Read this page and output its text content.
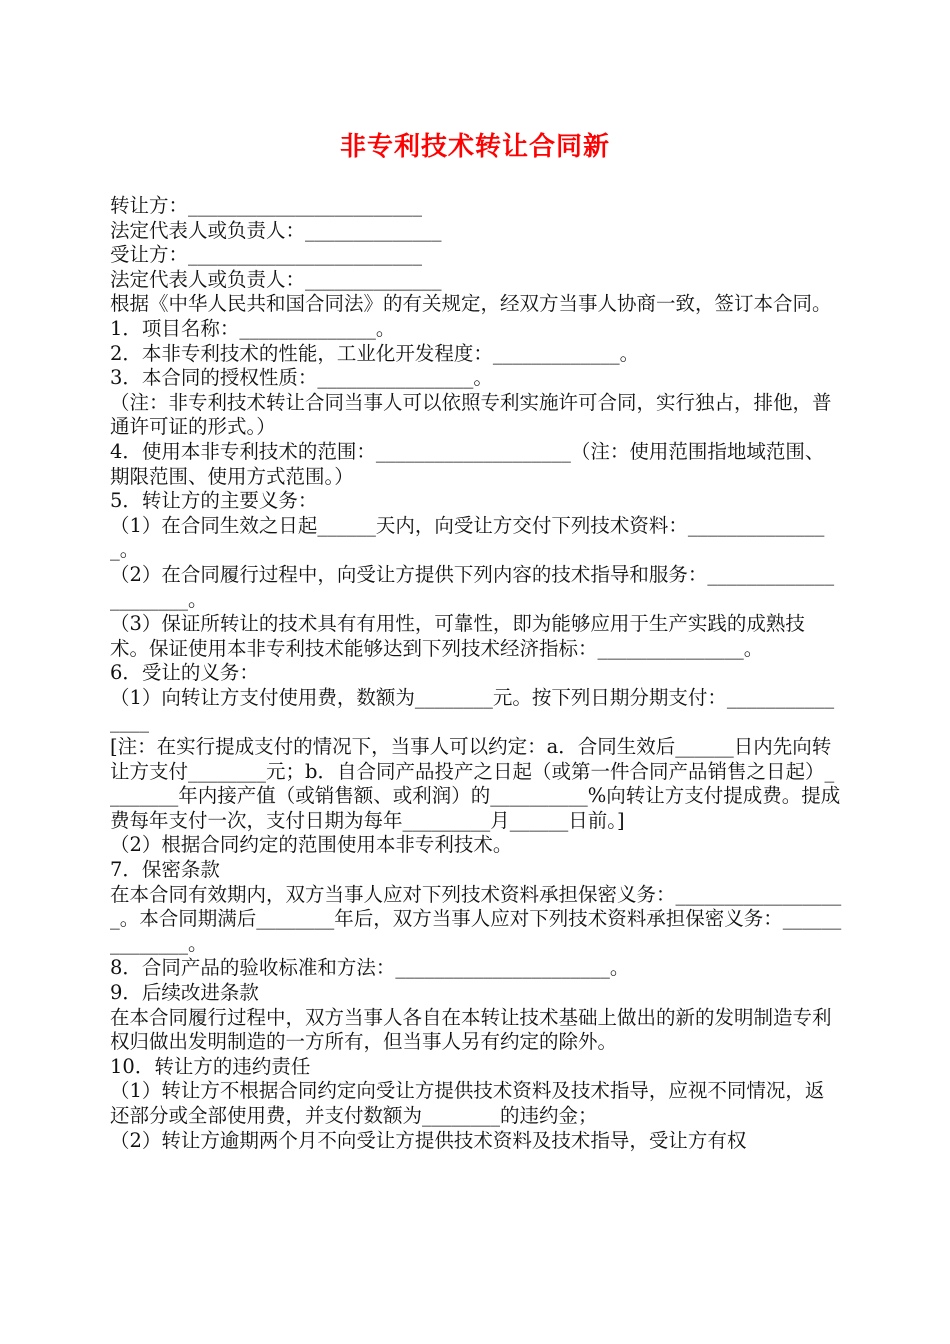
非专利技术转让合同新

转让方：________________________

法定代表人或负责人：______________

受让方：________________________

法定代表人或负责人：______________

根据《中华人民共和国合同法》的有关规定，经双方当事人协商一致，签订本合同。

1．项目名称：______________。

2．本非专利技术的性能，工业化开发程度：_____________。

3．本合同的授权性质：________________。

（注：非专利技术转让合同当事人可以依照专利实施许可合同，实行独占，排他，普通许可证的形式。）

4．使用本非专利技术的范围：____________________（注：使用范围指地域范围、期限范围、使用方式范围。）

5．转让方的主要义务：

（1）在合同生效之日起______天内，向受让方交付下列技术资料：_______________。

（2）在合同履行过程中，向受让方提供下列内容的技术指导和服务：_____________________。

（3）保证所转让的技术具有有用性，可靠性，即为能够应用于生产实践的成熟技术。保证使用本非专利技术能够达到下列技术经济指标：_______________。

6．受让的义务：

（1）向转让方支付使用费，数额为________元。按下列日期分期支付：_______________

[注：在实行提成支付的情况下，当事人可以约定：a．合同生效后______日内先向转让方支付________元；b．自合同产品投产之日起（或第一件合同产品销售之日起）________年内接产值（或销售额、或利润）的__________%向转让方支付提成费。提成费每年支付一次，支付日期为每年_________月______日前。]

（2）根据合同约定的范围使用本非专利技术。

7．保密条款

在本合同有效期内，双方当事人应对下列技术资料承担保密义务：__________________。本合同期满后________年后，双方当事人应对下列技术资料承担保密义务：______________。

8．合同产品的验收标准和方法：______________________。

9．后续改进条款

在本合同履行过程中，双方当事人各自在本转让技术基础上做出的新的发明制造专利权归做出发明制造的一方所有，但当事人另有约定的除外。

10．转让方的违约责任

（1）转让方不根据合同约定向受让方提供技术资料及技术指导，应视不同情况，返还部分或全部使用费，并支付数额为________的违约金；

（2）转让方逾期两个月不向受让方提供技术资料及技术指导，受让方有权
